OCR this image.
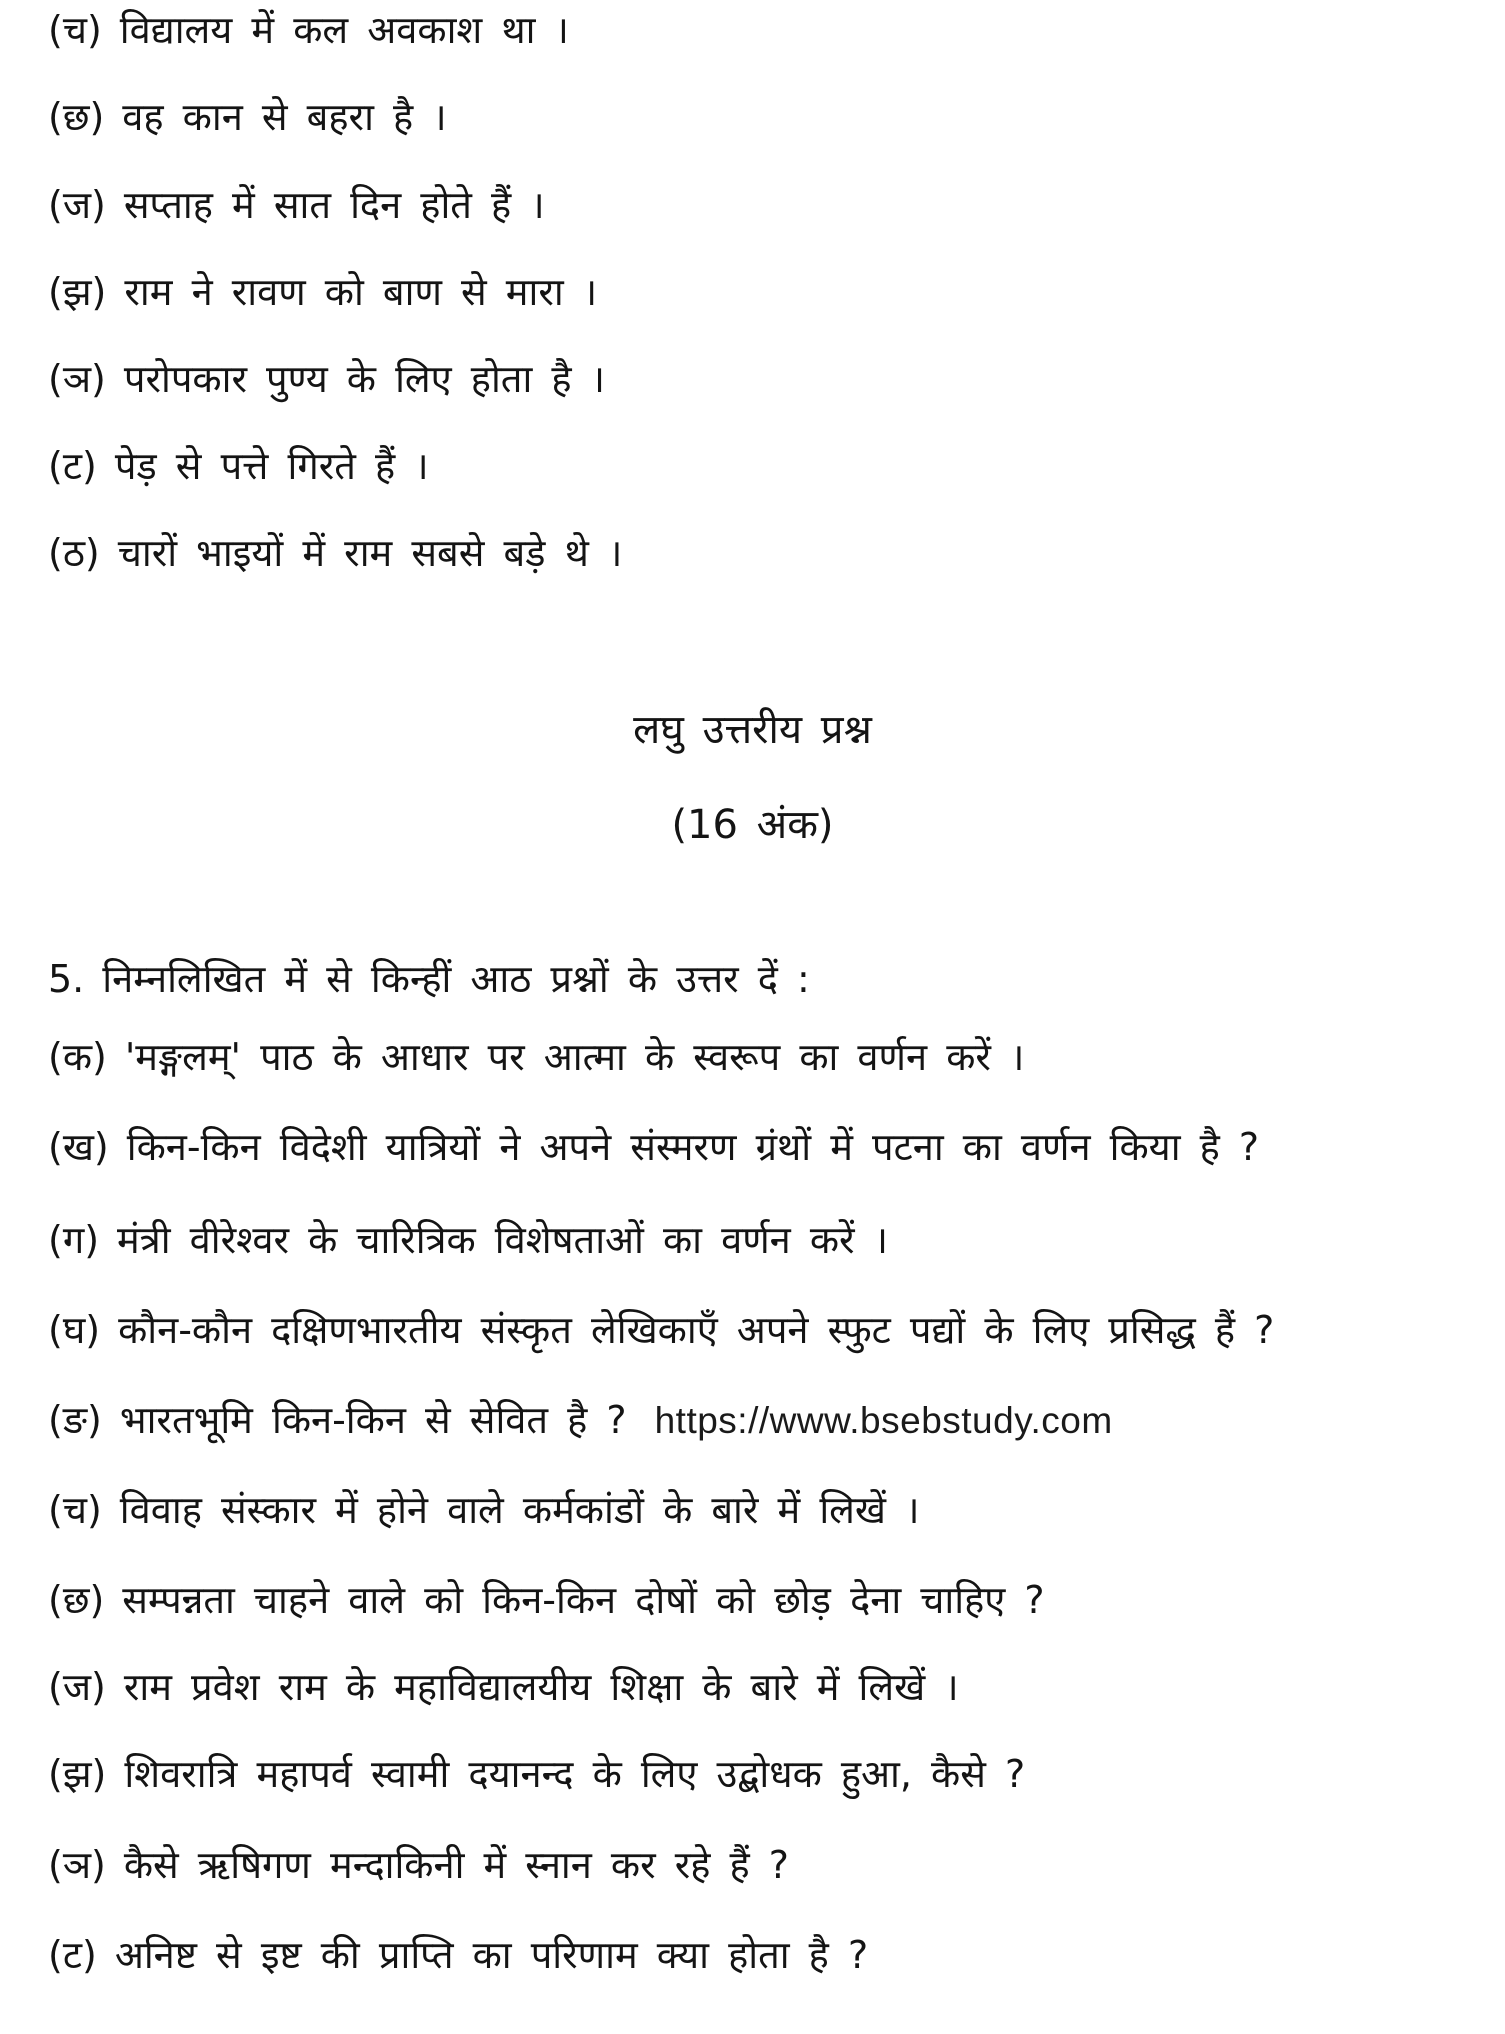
(च) विद्यालय में कल अवकाश था ।
(छ) वह कान से बहरा है ।
(ज) सप्ताह में सात दिन होते हैं ।
(झ) राम ने रावण को बाण से मारा ।
(ञ) परोपकार पुण्य के लिए होता है ।
(ट) पेड़ से पत्ते गिरते हैं ।
(ठ) चारों भाइयों में राम सबसे बड़े थे ।
लघु उत्तरीय प्रश्न
(16 अंक)
5. निम्नलिखित में से किन्हीं आठ प्रश्नों के उत्तर दें :
(क) 'मङ्गलम्' पाठ के आधार पर आत्मा के स्वरूप का वर्णन करें ।
(ख) किन-किन विदेशी यात्रियों ने अपने संस्मरण ग्रंथों में पटना का वर्णन किया है ?
(ग) मंत्री वीरेश्वर के चारित्रिक विशेषताओं का वर्णन करें ।
(घ) कौन-कौन दक्षिणभारतीय संस्कृत लेखिकाएँ अपने स्फुट पद्यों के लिए प्रसिद्ध हैं ?
(ङ) भारतभूमि किन-किन से सेवित है ? https://www.bsebstudy.com
(च) विवाह संस्कार में होने वाले कर्मकांडों के बारे में लिखें ।
(छ) सम्पन्नता चाहने वाले को किन-किन दोषों को छोड़ देना चाहिए ?
(ज) राम प्रवेश राम के महाविद्यालयीय शिक्षा के बारे में लिखें ।
(झ) शिवरात्रि महापर्व स्वामी दयानन्द के लिए उद्बोधक हुआ, कैसे ?
(ञ) कैसे ऋषिगण मन्दाकिनी में स्नान कर रहे हैं ?
(ट) अनिष्ट से इष्ट की प्राप्ति का परिणाम क्या होता है ?
